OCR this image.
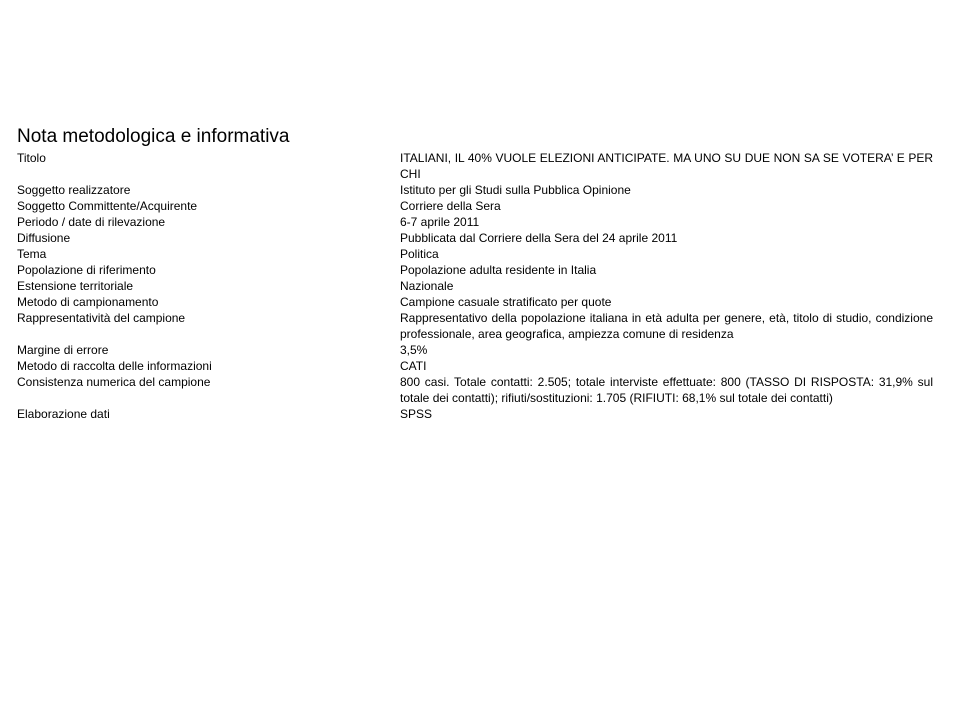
Nota metodologica e informativa
Titolo	ITALIANI, IL 40% VUOLE ELEZIONI ANTICIPATE. MA UNO SU DUE NON SA SE VOTERA’ E PER CHI
Soggetto realizzatore	Istituto per gli Studi sulla Pubblica Opinione
Soggetto Committente/Acquirente	Corriere della Sera
Periodo / date di rilevazione	6-7 aprile 2011
Diffusione	Pubblicata dal Corriere della Sera del 24 aprile 2011
Tema	Politica
Popolazione di riferimento	Popolazione adulta residente in Italia
Estensione territoriale	Nazionale
Metodo di campionamento	Campione casuale stratificato per quote
Rappresentatività del campione	Rappresentativo della popolazione italiana in età adulta per genere, età, titolo di studio, condizione professionale, area geografica, ampiezza comune di residenza
Margine di errore	3,5%
Metodo di raccolta delle informazioni	CATI
Consistenza numerica del campione	800 casi. Totale contatti: 2.505; totale interviste effettuate: 800 (TASSO DI RISPOSTA: 31,9% sul totale dei contatti); rifiuti/sostituzioni: 1.705 (RIFIUTI: 68,1% sul totale dei contatti)
Elaborazione dati	SPSS
